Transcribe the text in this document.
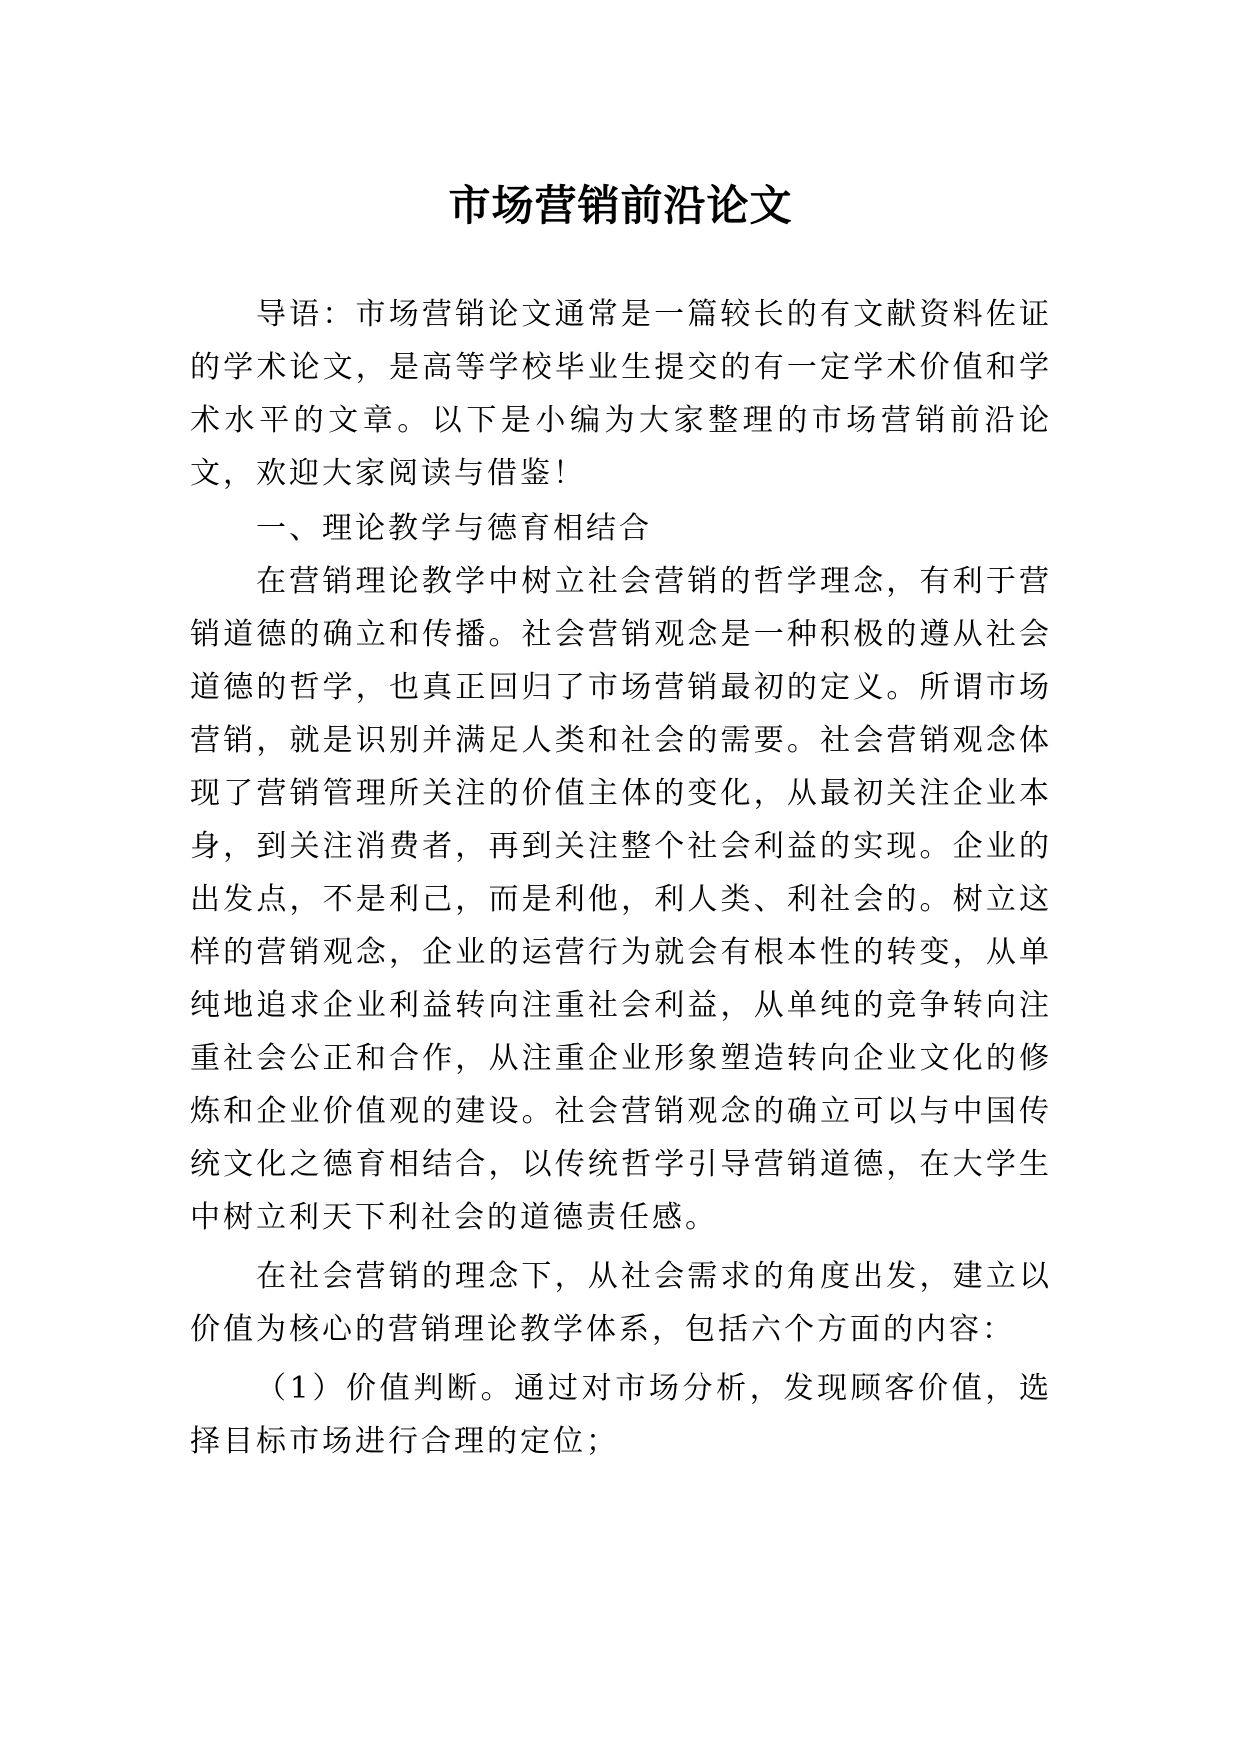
市场营销前沿论文

导语：市场营销论文通常是一篇较长的有文献资料佐证的学术论文，是高等学校毕业生提交的有一定学术价值和学术水平的文章。以下是小编为大家整理的市场营销前沿论文，欢迎大家阅读与借鉴！

一、理论教学与德育相结合

在营销理论教学中树立社会营销的哲学理念，有利于营销道德的确立和传播。社会营销观念是一种积极的遵从社会道德的哲学，也真正回归了市场营销最初的定义。所谓市场营销，就是识别并满足人类和社会的需要。社会营销观念体现了营销管理所关注的价值主体的变化，从最初关注企业本身，到关注消费者，再到关注整个社会利益的实现。企业的出发点，不是利己，而是利他，利人类、利社会的。树立这样的营销观念，企业的运营行为就会有根本性的转变，从单纯地追求企业利益转向注重社会利益，从单纯的竞争转向注重社会公正和合作，从注重企业形象塑造转向企业文化的修炼和企业价值观的建设。社会营销观念的确立可以与中国传统文化之德育相结合，以传统哲学引导营销道德，在大学生中树立利天下利社会的道德责任感。

在社会营销的理念下，从社会需求的角度出发，建立以价值为核心的营销理论教学体系，包括六个方面的内容：

（1）价值判断。通过对市场分析，发现顾客价值，选择目标市场进行合理的定位；
